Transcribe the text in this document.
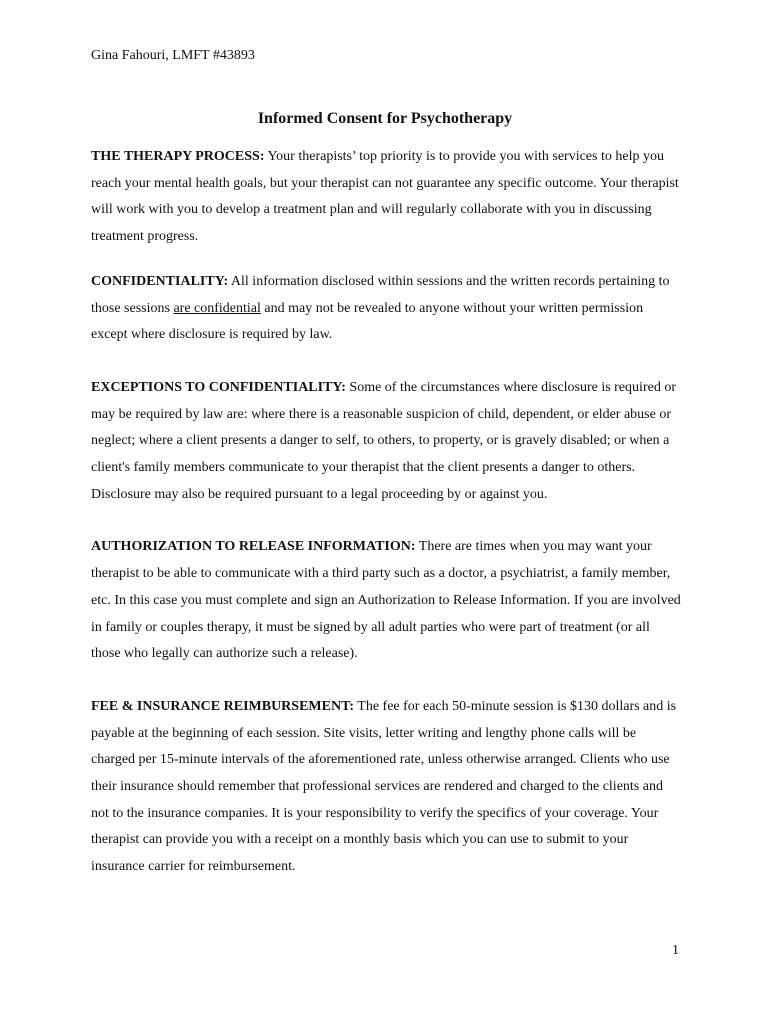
Gina Fahouri, LMFT #43893
Informed Consent for Psychotherapy

THE THERAPY PROCESS: Your therapists’ top priority is to provide you with services to help you reach your mental health goals, but your therapist can not guarantee any specific outcome. Your therapist will work with you to develop a treatment plan and will regularly collaborate with you in discussing treatment progress.

CONFIDENTIALITY: All information disclosed within sessions and the written records pertaining to those sessions are confidential and may not be revealed to anyone without your written permission except where disclosure is required by law.

EXCEPTIONS TO CONFIDENTIALITY: Some of the circumstances where disclosure is required or may be required by law are: where there is a reasonable suspicion of child, dependent, or elder abuse or neglect; where a client presents a danger to self, to others, to property, or is gravely disabled; or when a client's family members communicate to your therapist that the client presents a danger to others. Disclosure may also be required pursuant to a legal proceeding by or against you.

AUTHORIZATION TO RELEASE INFORMATION: There are times when you may want your therapist to be able to communicate with a third party such as a doctor, a psychiatrist, a family member, etc. In this case you must complete and sign an Authorization to Release Information. If you are involved in family or couples therapy, it must be signed by all adult parties who were part of treatment (or all those who legally can authorize such a release).

FEE & INSURANCE REIMBURSEMENT: The fee for each 50-minute session is $130 dollars and is payable at the beginning of each session. Site visits, letter writing and lengthy phone calls will be charged per 15-minute intervals of the aforementioned rate, unless otherwise arranged. Clients who use their insurance should remember that professional services are rendered and charged to the clients and not to the insurance companies. It is your responsibility to verify the specifics of your coverage. Your therapist can provide you with a receipt on a monthly basis which you can use to submit to your insurance carrier for reimbursement.

1
